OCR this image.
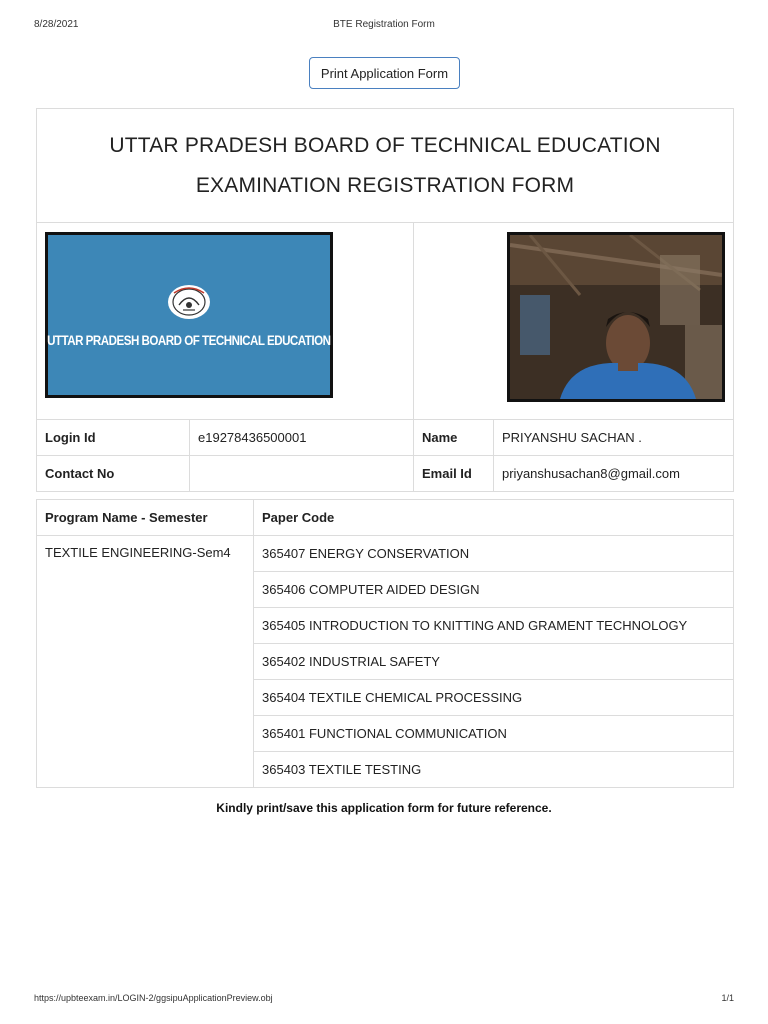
8/28/2021	BTE Registration Form
Print Application Form
UTTAR PRADESH BOARD OF TECHNICAL EDUCATION
EXAMINATION REGISTRATION FORM			

UTTAR PRADESH BOARD OF TECHNICAL EDUCATION

Login Id	e19278436500001	Name	PRIYANSHU SACHAN .
Contact No		Email Id	priyanshusachan8@gmail.com
Program Name - Semester	Paper Code
TEXTILE ENGINEERING-Sem4	365407 ENERGY CONSERVATION
	365406 COMPUTER AIDED DESIGN
	365405 INTRODUCTION TO KNITTING AND GRAMENT TECHNOLOGY
	365402 INDUSTRIAL SAFETY
	365404 TEXTILE CHEMICAL PROCESSING
	365401 FUNCTIONAL COMMUNICATION
	365403 TEXTILE TESTING
Kindly print/save this application form for future reference.
https://upbteexam.in/LOGIN-2/ggsipuApplicationPreview.obj	1/1
